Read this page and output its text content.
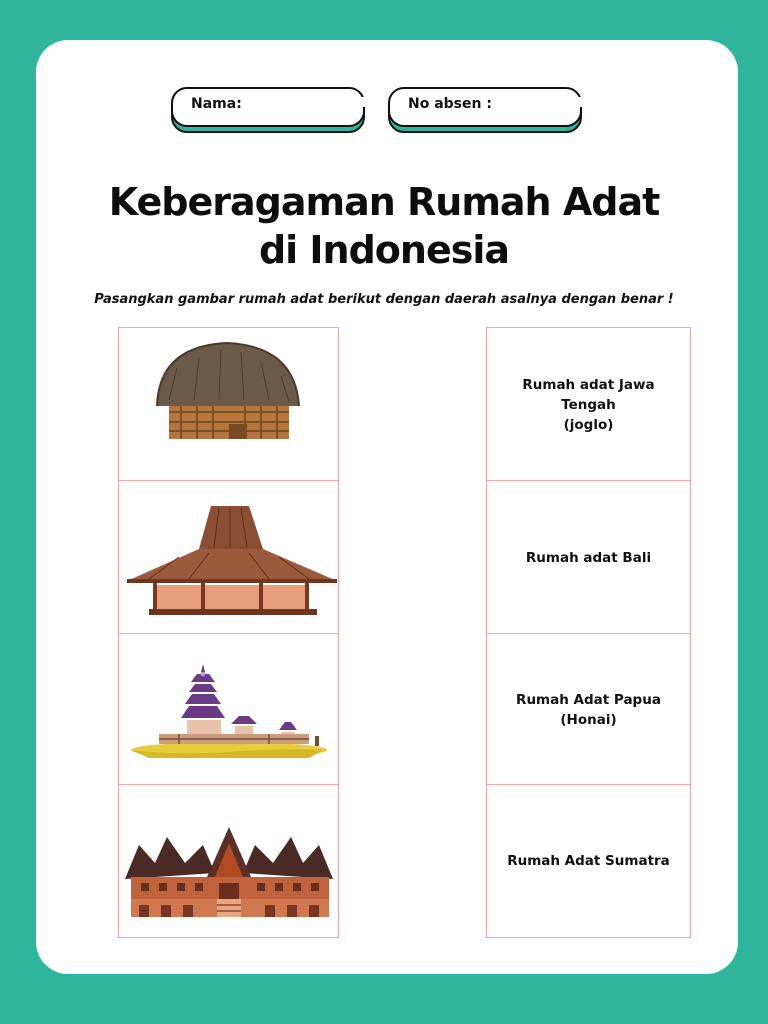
Nama:	No absen :
Keberagaman Rumah Adat
di Indonesia
Pasangkan gambar rumah adat berikut dengan daerah asalnya dengan benar !
Rumah adat Jawa Tengah
(joglo)
Rumah adat Bali
Rumah Adat Papua
(Honai)
Rumah Adat Sumatra
